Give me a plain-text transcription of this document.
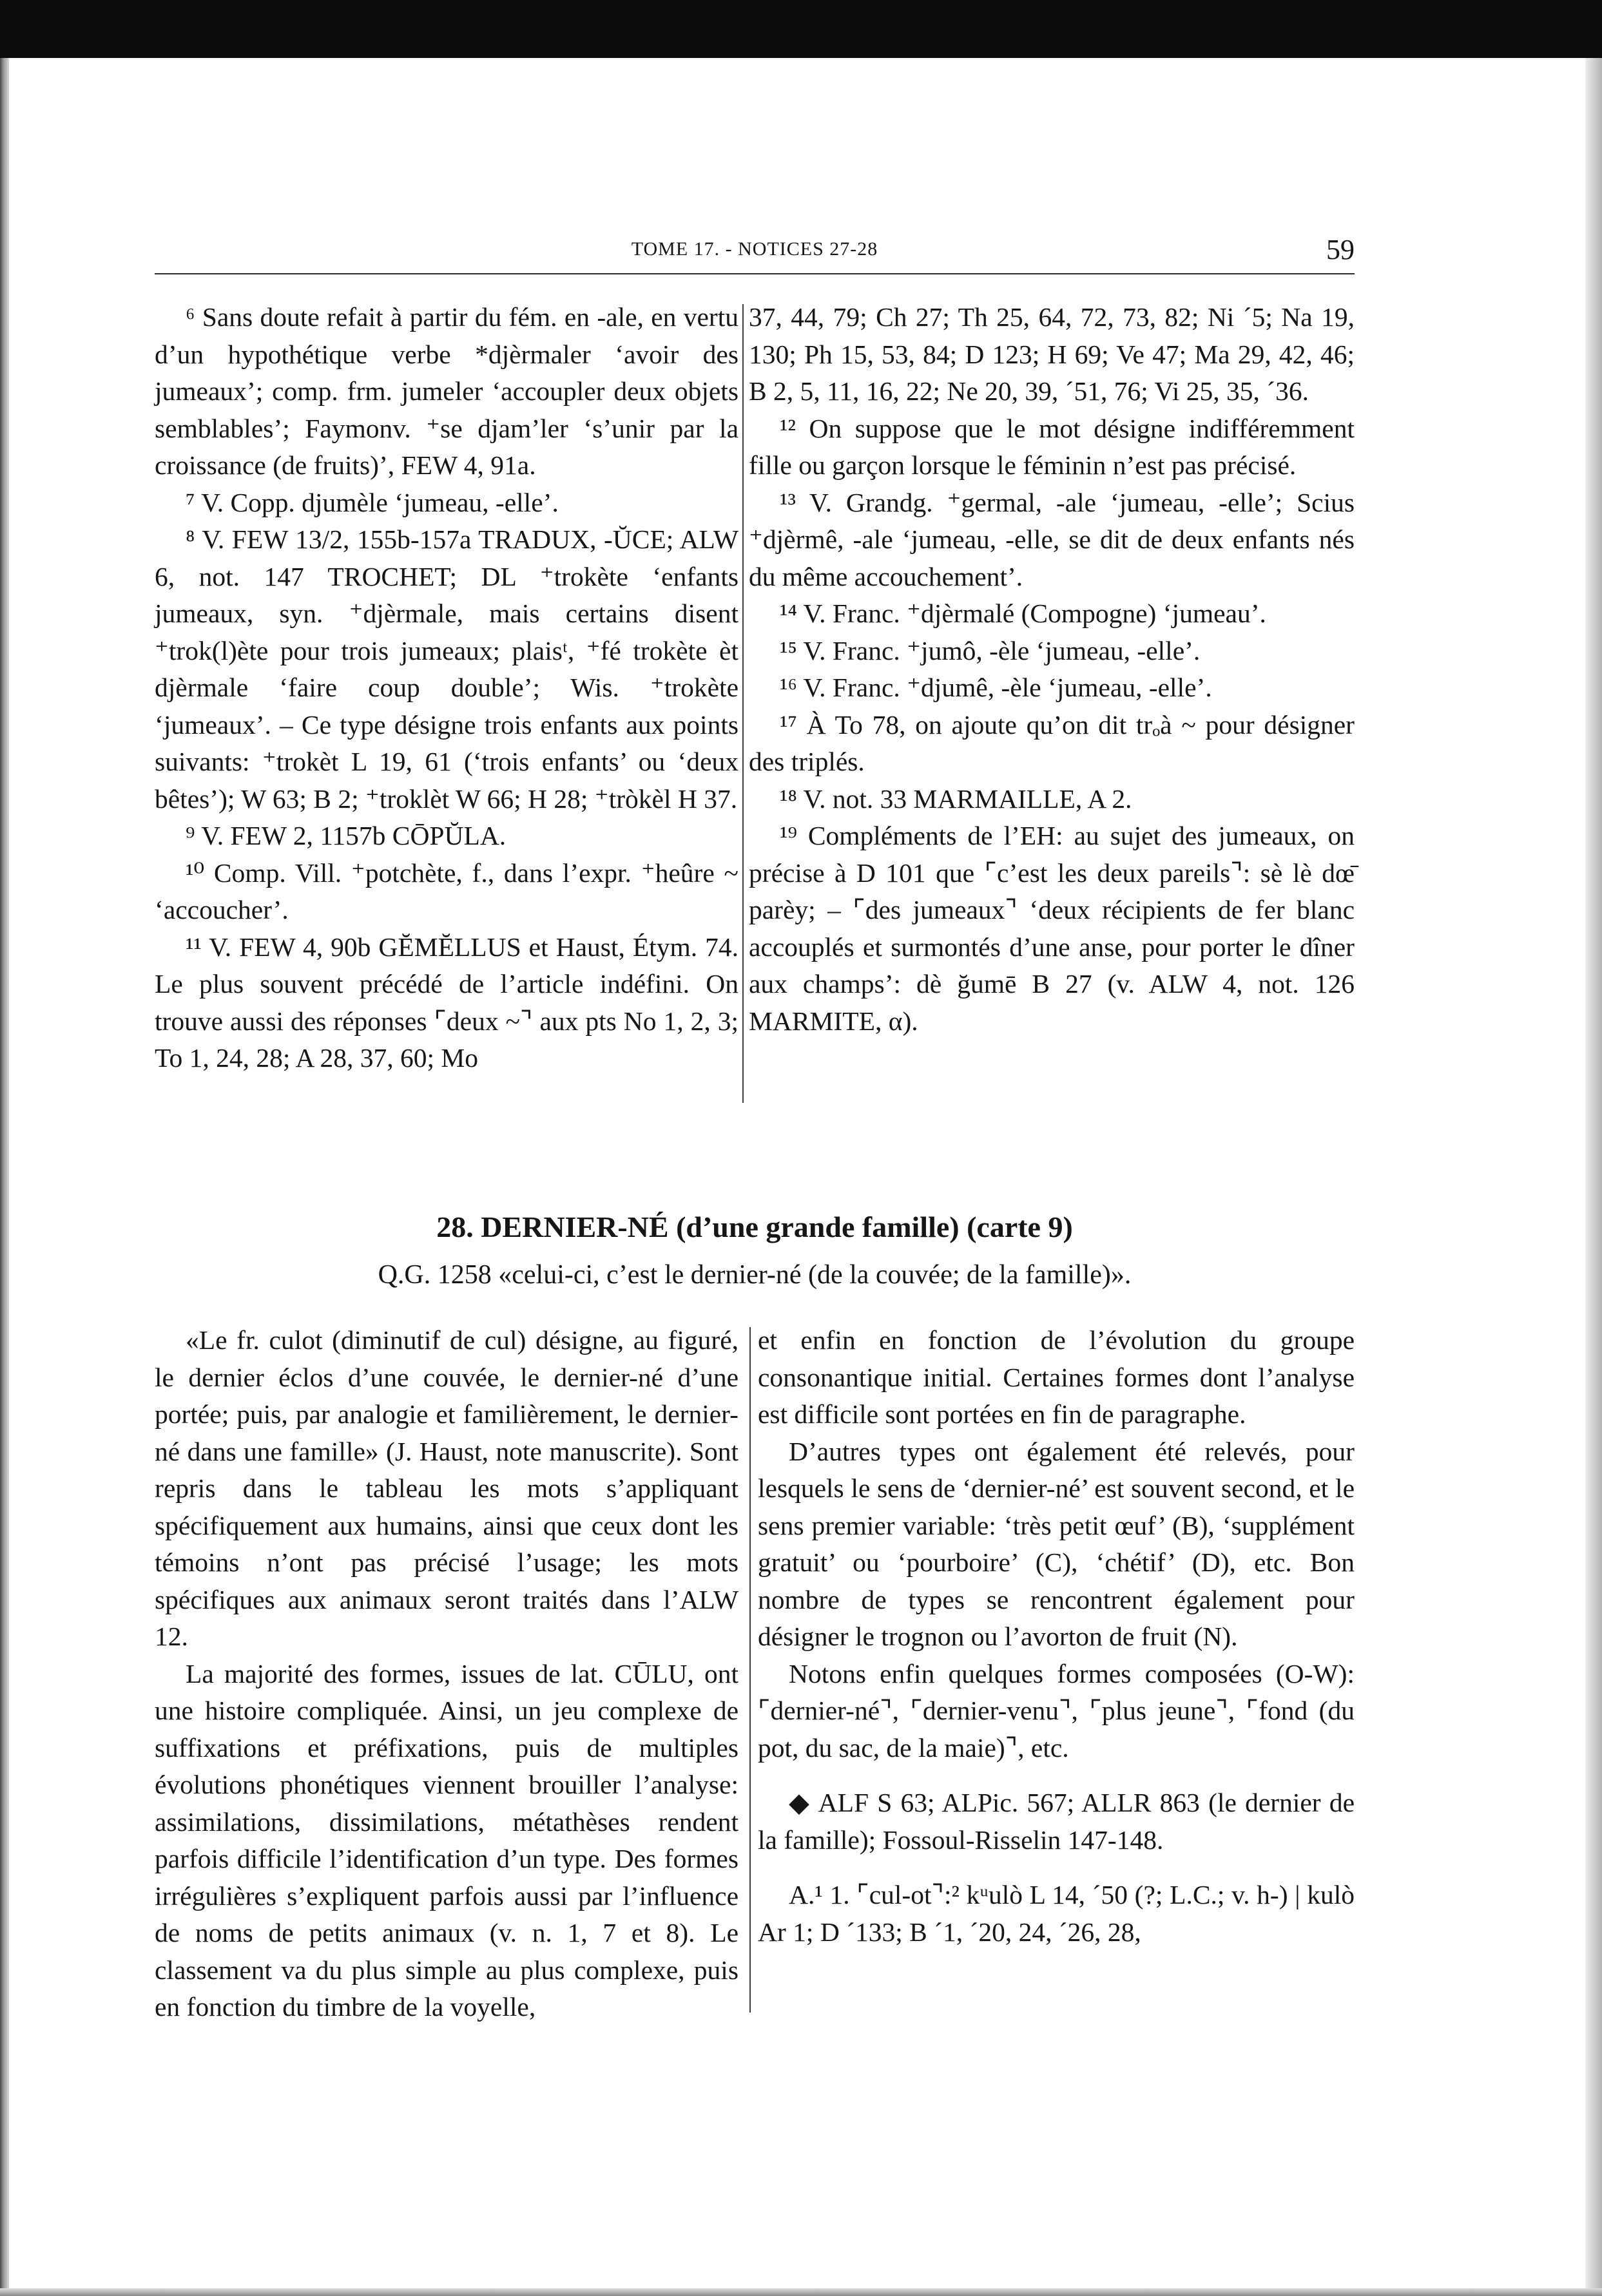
TOME 17. - NOTICES 27-28	59

⁶ Sans doute refait à partir du fém. en -ale, en vertu d’un hypothétique verbe *djèrmaler ‘avoir des jumeaux’; comp. frm. jumeler ‘accoupler deux objets semblables’; Faymonv. ⁺se djam’ler ‘s’unir par la croissance (de fruits)’, FEW 4, 91a.

⁷ V. Copp. djumèle ‘jumeau, -elle’.

⁸ V. FEW 13/2, 155b-157a TRADUX, -ŬCE; ALW 6, not. 147 TROCHET; DL ⁺trokète ‘enfants jumeaux, syn. ⁺djèrmale, mais certains disent ⁺trok(l)ète pour trois jumeaux; plaisᵗ, ⁺fé trokète èt djèrmale ‘faire coup double’; Wis. ⁺trokète ‘jumeaux’. – Ce type désigne trois enfants aux points suivants: ⁺trokèt L 19, 61 (‘trois enfants’ ou ‘deux bêtes’); W 63; B 2; ⁺troklèt W 66; H 28; ⁺tròkèl H 37.

⁹ V. FEW 2, 1157b CŌPŬLA.

¹⁰ Comp. Vill. ⁺potchète, f., dans l’expr. ⁺heûre ~ ‘accoucher’.

¹¹ V. FEW 4, 90b GĔMĔLLUS et Haust, Étym. 74. Le plus souvent précédé de l’article indéfini. On trouve aussi des réponses ⌜deux ~⌝ aux pts No 1, 2, 3; To 1, 24, 28; A 28, 37, 60; Mo

37, 44, 79; Ch 27; Th 25, 64, 72, 73, 82; Ni ´5; Na 19, 130; Ph 15, 53, 84; D 123; H 69; Ve 47; Ma 29, 42, 46; B 2, 5, 11, 16, 22; Ne 20, 39, ´51, 76; Vi 25, 35, ´36.

¹² On suppose que le mot désigne indifféremment fille ou garçon lorsque le féminin n’est pas précisé.

¹³ V. Grandg. ⁺germal, -ale ‘jumeau, -elle’; Scius ⁺djèrmê, -ale ‘jumeau, -elle, se dit de deux enfants nés du même accouchement’.

¹⁴ V. Franc. ⁺djèrmalé (Compogne) ‘jumeau’.

¹⁵ V. Franc. ⁺jumô, -èle ‘jumeau, -elle’.

¹⁶ V. Franc. ⁺djumê, -èle ‘jumeau, -elle’.

¹⁷ À To 78, on ajoute qu’on dit trₒà ~ pour désigner des triplés.

¹⁸ V. not. 33 MARMAILLE, A 2.

¹⁹ Compléments de l’EH: au sujet des jumeaux, on précise à D 101 que ⌜c’est les deux pareils⌝: sè lè dœ̄ parèy; – ⌜des jumeaux⌝ ‘deux récipients de fer blanc accouplés et surmontés d’une anse, pour porter le dîner aux champs’: dè ğumē B 27 (v. ALW 4, not. 126 MARMITE, α).

28. DERNIER-NÉ (d’une grande famille) (carte 9)
Q.G. 1258 «celui-ci, c’est le dernier-né (de la couvée; de la famille)».

«Le fr. culot (diminutif de cul) désigne, au figuré, le dernier éclos d’une couvée, le dernier-né d’une portée; puis, par analogie et familièrement, le dernier-né dans une famille» (J. Haust, note manuscrite). Sont repris dans le tableau les mots s’appliquant spécifiquement aux humains, ainsi que ceux dont les témoins n’ont pas précisé l’usage; les mots spécifiques aux animaux seront traités dans l’ALW 12.

La majorité des formes, issues de lat. CŪLU, ont une histoire compliquée. Ainsi, un jeu complexe de suffixations et préfixations, puis de multiples évolutions phonétiques viennent brouiller l’analyse: assimilations, dissimilations, métathèses rendent parfois difficile l’identification d’un type. Des formes irrégulières s’expliquent parfois aussi par l’influence de noms de petits animaux (v. n. 1, 7 et 8). Le classement va du plus simple au plus complexe, puis en fonction du timbre de la voyelle,

et enfin en fonction de l’évolution du groupe consonantique initial. Certaines formes dont l’analyse est difficile sont portées en fin de paragraphe.

D’autres types ont également été relevés, pour lesquels le sens de ‘dernier-né’ est souvent second, et le sens premier variable: ‘très petit œuf’ (B), ‘supplément gratuit’ ou ‘pourboire’ (C), ‘chétif’ (D), etc. Bon nombre de types se rencontrent également pour désigner le trognon ou l’avorton de fruit (N).

Notons enfin quelques formes composées (O-W): ⌜dernier-né⌝, ⌜dernier-venu⌝, ⌜plus jeune⌝, ⌜fond (du pot, du sac, de la maie)⌝, etc.

◆ ALF S 63; ALPic. 567; ALLR 863 (le dernier de la famille); Fossoul-Risselin 147-148.

A.¹ 1. ⌜cul-ot⌝:² kᵘulò L 14, ´50 (?; L.C.; v. h-) | kulò Ar 1; D ´133; B ´1, ´20, 24, ´26, 28,
